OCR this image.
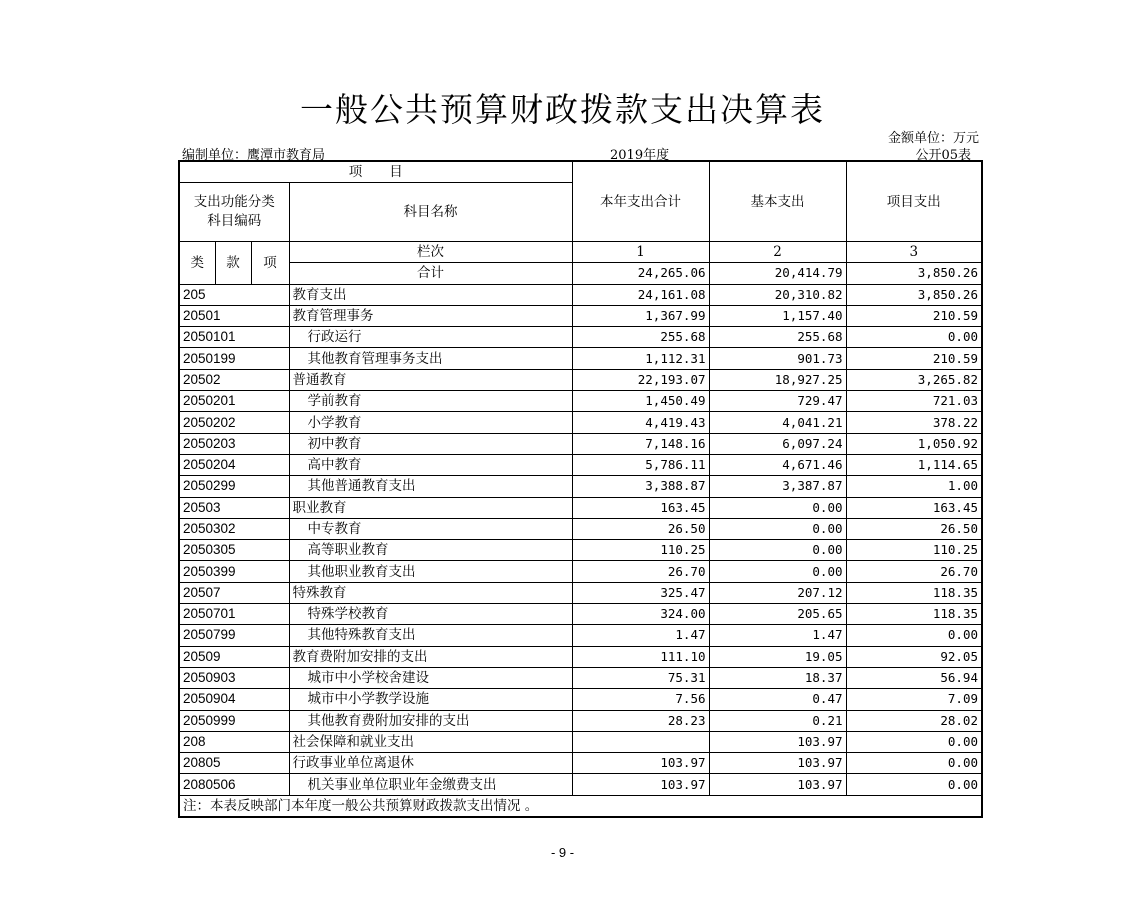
一般公共预算财政拨款支出决算表
金额单位：万元
编制单位：鹰潭市教育局	2019年度	公开05表
项　　目				本年支出合计	基本支出	项目支出

支出功能分类
科目编码			科目名称			

类	款	项	栏次	1	2	3
			合计	24,265.06	20,414.79	3,850.26
205			教育支出	24,161.08	20,310.82	3,850.26
20501			教育管理事务	1,367.99	1,157.40	210.59
2050101			行政运行	255.68	255.68	0.00
2050199			其他教育管理事务支出	1,112.31	901.73	210.59
20502			普通教育	22,193.07	18,927.25	3,265.82
2050201			学前教育	1,450.49	729.47	721.03
2050202			小学教育	4,419.43	4,041.21	378.22
2050203			初中教育	7,148.16	6,097.24	1,050.92
2050204			高中教育	5,786.11	4,671.46	1,114.65
2050299			其他普通教育支出	3,388.87	3,387.87	1.00
20503			职业教育	163.45	0.00	163.45
2050302			中专教育	26.50	0.00	26.50
2050305			高等职业教育	110.25	0.00	110.25
2050399			其他职业教育支出	26.70	0.00	26.70
20507			特殊教育	325.47	207.12	118.35
2050701			特殊学校教育	324.00	205.65	118.35
2050799			其他特殊教育支出	1.47	1.47	0.00
20509			教育费附加安排的支出	111.10	19.05	92.05
2050903			城市中小学校舍建设	75.31	18.37	56.94
2050904			城市中小学教学设施	7.56	0.47	7.09
2050999			其他教育费附加安排的支出	28.23	0.21	28.02
208			社会保障和就业支出		103.97	0.00
20805			行政事业单位离退休	103.97	103.97	0.00
2080506			机关事业单位职业年金缴费支出	103.97	103.97	0.00
注：本表反映部门本年度一般公共预算财政拨款支出情况 。						
- 9 -
